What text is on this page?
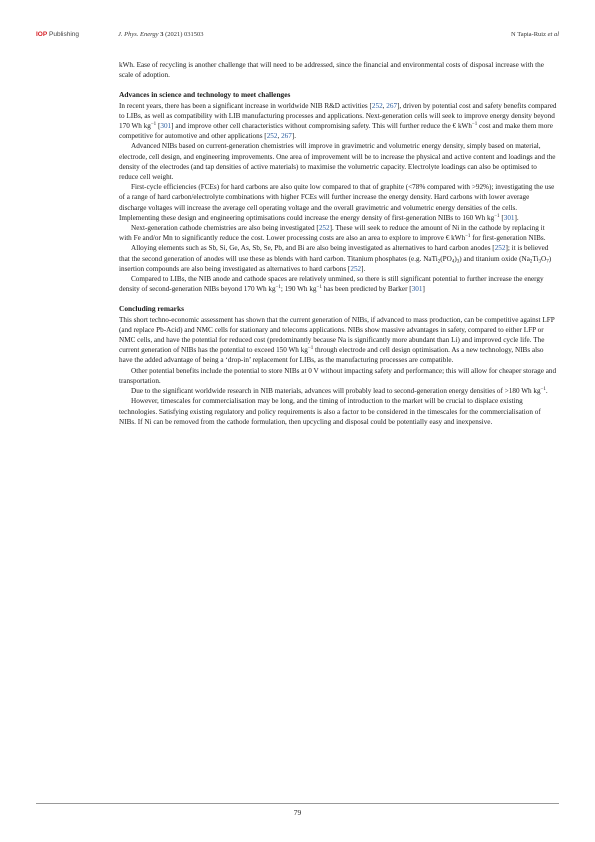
IOP Publishing	J. Phys. Energy 3 (2021) 031503	N Tapia-Ruiz et al

kWh. Ease of recycling is another challenge that will need to be addressed, since the financial and environmental costs of disposal increase with the scale of adoption.

Advances in science and technology to meet challenges

In recent years, there has been a significant increase in worldwide NIB R&D activities [252, 267], driven by potential cost and safety benefits compared to LIBs, as well as compatibility with LIB manufacturing processes and applications. Next-generation cells will seek to improve energy density beyond 170 Wh $kg^{-1}$ [301] and improve other cell characteristics without compromising safety. This will further reduce the € kWh$^{-1}$ cost and make them more competitive for automotive and other applications [252, 267].

Advanced NIBs based on current-generation chemistries will improve in gravimetric and volumetric energy density, simply based on material, electrode, cell design, and engineering improvements. One area of improvement will be to increase the physical and active content and loadings and the density of the electrodes (and tap densities of active materials) to maximise the volumetric capacity. Electrolyte loadings can also be optimised to reduce cell weight.

First-cycle efficiencies (FCEs) for hard carbons are also quite low compared to that of graphite (<78% compared with >92%); investigating the use of a range of hard carbon/electrolyte combinations with higher FCEs will further increase the energy density. Hard carbons with lower average discharge voltages will increase the average cell operating voltage and the overall gravimetric and volumetric energy densities of the cells. Implementing these design and engineering optimisations could increase the energy density of first-generation NIBs to 160 Wh $kg^{-1}$ [301].

Next-generation cathode chemistries are also being investigated [252]. These will seek to reduce the amount of Ni in the cathode by replacing it with Fe and/or Mn to significantly reduce the cost. Lower processing costs are also an area to explore to improve € kWh$^{-1}$ for first-generation NIBs.

Alloying elements such as Sb, Si, Ge, As, Sb, Se, Pb, and Bi are also being investigated as alternatives to hard carbon anodes [252]; it is believed that the second generation of anodes will use these as blends with hard carbon. Titanium phosphates (e.g. $NaTi_2(PO_4)_3$) and titanium oxide $(Na_2Ti_3O_7)$ insertion compounds are also being investigated as alternatives to hard carbons [252].

Compared to LIBs, the NIB anode and cathode spaces are relatively unmined, so there is still significant potential to further increase the energy density of second-generation NIBs beyond 170 Wh $kg^{-1}$; 190 Wh $kg^{-1}$ has been predicted by Barker [301]

Concluding remarks

This short techno-economic assessment has shown that the current generation of NIBs, if advanced to mass production, can be competitive against LFP (and replace Pb-Acid) and NMC cells for stationary and telecoms applications. NIBs show massive advantages in safety, compared to either LFP or NMC cells, and have the potential for reduced cost (predominantly because Na is significantly more abundant than Li) and improved cycle life. The current generation of NIBs has the potential to exceed 150 Wh $kg^{-1}$ through electrode and cell design optimisation. As a new technology, NIBs also have the added advantage of being a ‘drop-in’ replacement for LIBs, as the manufacturing processes are compatible.

Other potential benefits include the potential to store NIBs at 0 V without impacting safety and performance; this will allow for cheaper storage and transportation.

Due to the significant worldwide research in NIB materials, advances will probably lead to second-generation energy densities of >180 Wh $kg^{-1}$.

However, timescales for commercialisation may be long, and the timing of introduction to the market will be crucial to displace existing technologies. Satisfying existing regulatory and policy requirements is also a factor to be considered in the timescales for the commercialisation of NIBs. If Ni can be removed from the cathode formulation, then upcycling and disposal could be potentially easy and inexpensive.

79
